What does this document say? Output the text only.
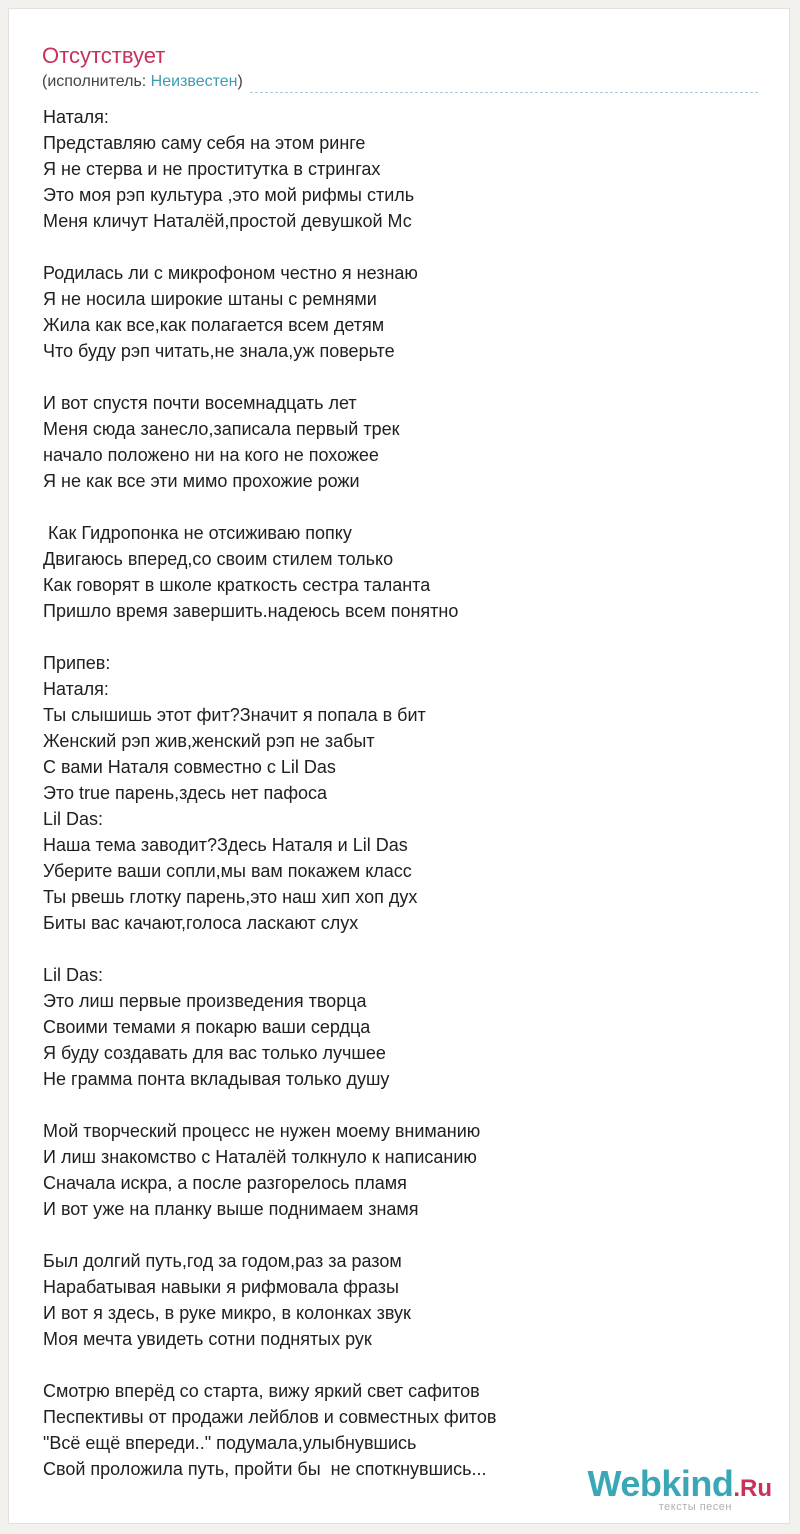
Отсутствует
(исполнитель: Неизвестен)
Наталя:
Представляю саму себя на этом ринге
Я не стерва и не проститутка в стрингах
Это моя рэп культура ,это мой рифмы стиль
Меня кличут Наталёй,простой девушкой Мс
Родилась ли с микрофоном честно я незнаю
Я не носила широкие штаны с ремнями
Жила как все,как полагается всем детям
Что буду рэп читать,не знала,уж поверьте
И вот спустя почти восемнадцать лет
Меня сюда занесло,записала первый трек
начало положено ни на кого не похожее
Я не как все эти мимо прохожие рожи
Как Гидропонка не отсиживаю попку
Двигаюсь вперед,со своим стилем только
Как говорят в школе краткость сестра таланта
Пришло время завершить.надеюсь всем понятно
Припев:
Наталя:
Ты слышишь этот фит?Значит я попала в бит
Женский рэп жив,женский рэп не забыт
С вами Наталя совместно с Lil Das
Это true парень,здесь нет пафоса
Lil Das:
Наша тема заводит?Здесь Наталя и Lil Das
Уберите ваши сопли,мы вам покажем класс
Ты рвешь глотку парень,это наш хип хоп дух
Биты вас качают,голоса ласкают слух
Lil Das:
Это лиш первые произведения творца
Своими темами я покарю ваши сердца
Я буду создавать для вас только лучшее
Не грамма понта вкладывая только душу
Мой творческий процесс не нужен моему вниманию
И лиш знакомство с Наталёй толкнуло к написанию
Сначала искра, а после разгорелось пламя
И вот уже на планку выше поднимаем знамя
Был долгий путь,год за годом,раз за разом
Нарабатывая навыки я рифмовала фразы
И вот я здесь, в руке микро, в колонках звук
Моя мечта увидеть сотни поднятых рук
Смотрю вперёд со старта, вижу яркий свет сафитов
Песпективы от продажи лейблов и совместных фитов
"Всё ещё впереди.." подумала,улыбнувшись
Свой проложила путь, пройти бы  не споткнувшись...	Webkind.Ru
тексты песен
